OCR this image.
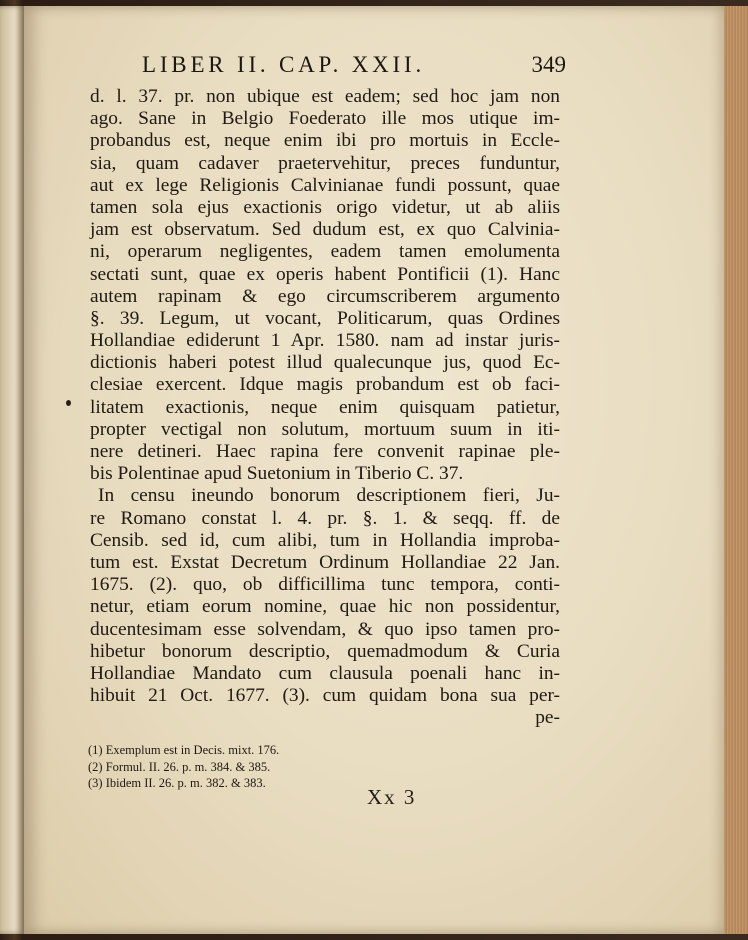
LIBER II. CAP. XXII.	349
d. l. 37. pr. non ubique est eadem; sed hoc jam non
ago. Sane in Belgio Foederato ille mos utique im-
probandus est, neque enim ibi pro mortuis in Eccle-
sia, quam cadaver praetervehitur, preces funduntur,
aut ex lege Religionis Calvinianae fundi possunt, quae
tamen sola ejus exactionis origo videtur, ut ab aliis
jam est observatum. Sed dudum est, ex quo Calvinia-
ni, operarum negligentes, eadem tamen emolumenta
sectati sunt, quae ex operis habent Pontificii (1). Hanc
autem rapinam & ego circumscriberem argumento
§. 39. Legum, ut vocant, Politicarum, quas Ordines
Hollandiae ediderunt 1 Apr. 1580. nam ad instar juris-
dictionis haberi potest illud qualecunque jus, quod Ec-
clesiae exercent. Idque magis probandum est ob faci-
litatem exactionis, neque enim quisquam patietur,
propter vectigal non solutum, mortuum suum in iti-
nere detineri. Haec rapina fere convenit rapinae ple-
bis Polentinae apud Suetonium in Tiberio C. 37.
In censu ineundo bonorum descriptionem fieri, Ju-
re Romano constat l. 4. pr. §. 1. & seqq. ff. de
Censib. sed id, cum alibi, tum in Hollandia improba-
tum est. Exstat Decretum Ordinum Hollandiae 22 Jan.
1675. (2). quo, ob difficillima tunc tempora, conti-
netur, etiam eorum nomine, quae hic non possidentur,
ducentesimam esse solvendam, & quo ipso tamen pro-
hibetur bonorum descriptio, quemadmodum & Curia
Hollandiae Mandato cum clausula poenali hanc in-
hibuit 21 Oct. 1677. (3). cum quidam bona sua per-
pe-
(1) Exemplum est in Decis. mixt. 176.
(2) Formul. II. 26. p. m. 384. & 385.
(3) Ibidem II. 26. p. m. 382. & 383.
Xx 3
